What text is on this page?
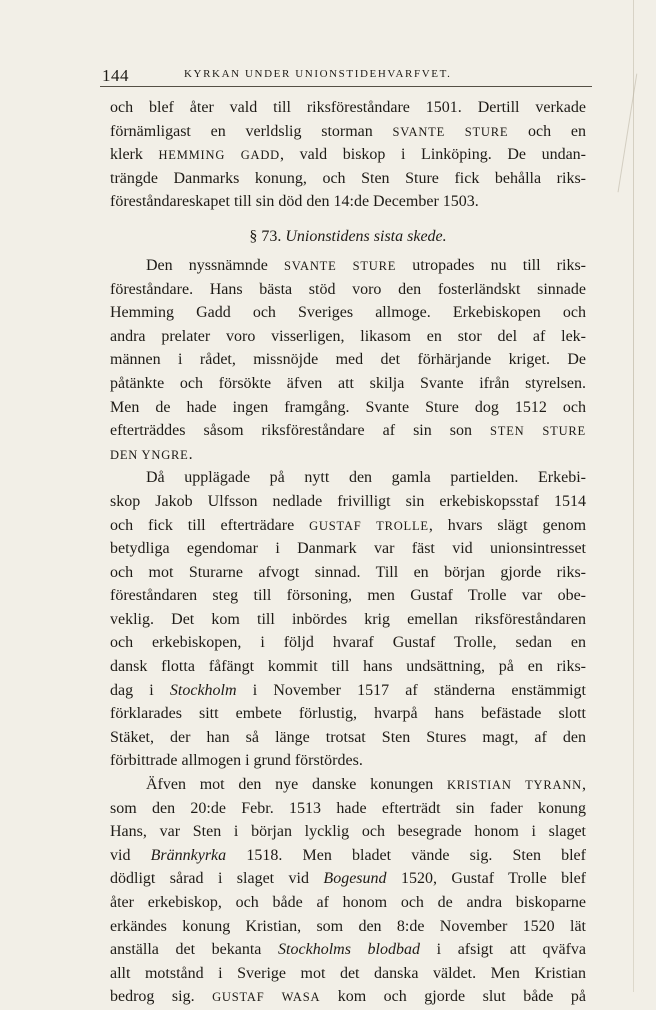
144	KYRKAN UNDER UNIONSTIDEHVARFVET.
och blef åter vald till riksföreståndare 1501. Dertill verkade
förnämligast en verldslig storman SVANTE STURE och en
klerk HEMMING GADD, vald biskop i Linköping. De undan-
trängde Danmarks konung, och Sten Sture fick behålla riks-
föreståndareskapet till sin död den 14:de December 1503.
§ 73. Unionstidens sista skede.
Den nyssnämnde SVANTE STURE utropades nu till riks-
föreståndare. Hans bästa stöd voro den fosterländskt sinnade
Hemming Gadd och Sveriges allmoge. Erkebiskopen och
andra prelater voro visserligen, likasom en stor del af lek-
männen i rådet, missnöjde med det förhärjande kriget. De
påtänkte och försökte äfven att skilja Svante ifrån styrelsen.
Men de hade ingen framgång. Svante Sture dog 1512 och
efterträddes såsom riksföreståndare af sin son STEN STURE
DEN YNGRE.
Då upplägade på nytt den gamla partielden. Erkebi-
skop Jakob Ulfsson nedlade frivilligt sin erkebiskopsstaf 1514
och fick till efterträdare GUSTAF TROLLE, hvars slägt genom
betydliga egendomar i Danmark var fäst vid unionsintresset
och mot Sturarne afvogt sinnad. Till en början gjorde riks-
föreståndaren steg till försoning, men Gustaf Trolle var obe-
veklig. Det kom till inbördes krig emellan riksföreståndaren
och erkebiskopen, i följd hvaraf Gustaf Trolle, sedan en
dansk flotta fåfängt kommit till hans undsättning, på en riks-
dag i Stockholm i November 1517 af ständerna enstämmigt
förklarades sitt embete förlustig, hvarpå hans befästade slott
Stäket, der han så länge trotsat Sten Stures magt, af den
förbittrade allmogen i grund förstördes.
Äfven mot den nye danske konungen KRISTIAN TYRANN,
som den 20:de Febr. 1513 hade efterträdt sin fader konung
Hans, var Sten i början lycklig och besegrade honom i slaget
vid Brännkyrka 1518. Men bladet vände sig. Sten blef
dödligt sårad i slaget vid Bogesund 1520, Gustaf Trolle blef
åter erkebiskop, och både af honom och de andra biskoparne
erkändes konung Kristian, som den 8:de November 1520 lät
anställa det bekanta Stockholms blodbad i afsigt att qväfva
allt motstånd i Sverige mot det danska väldet. Men Kristian
bedrog sig. GUSTAF WASA kom och gjorde slut både på
